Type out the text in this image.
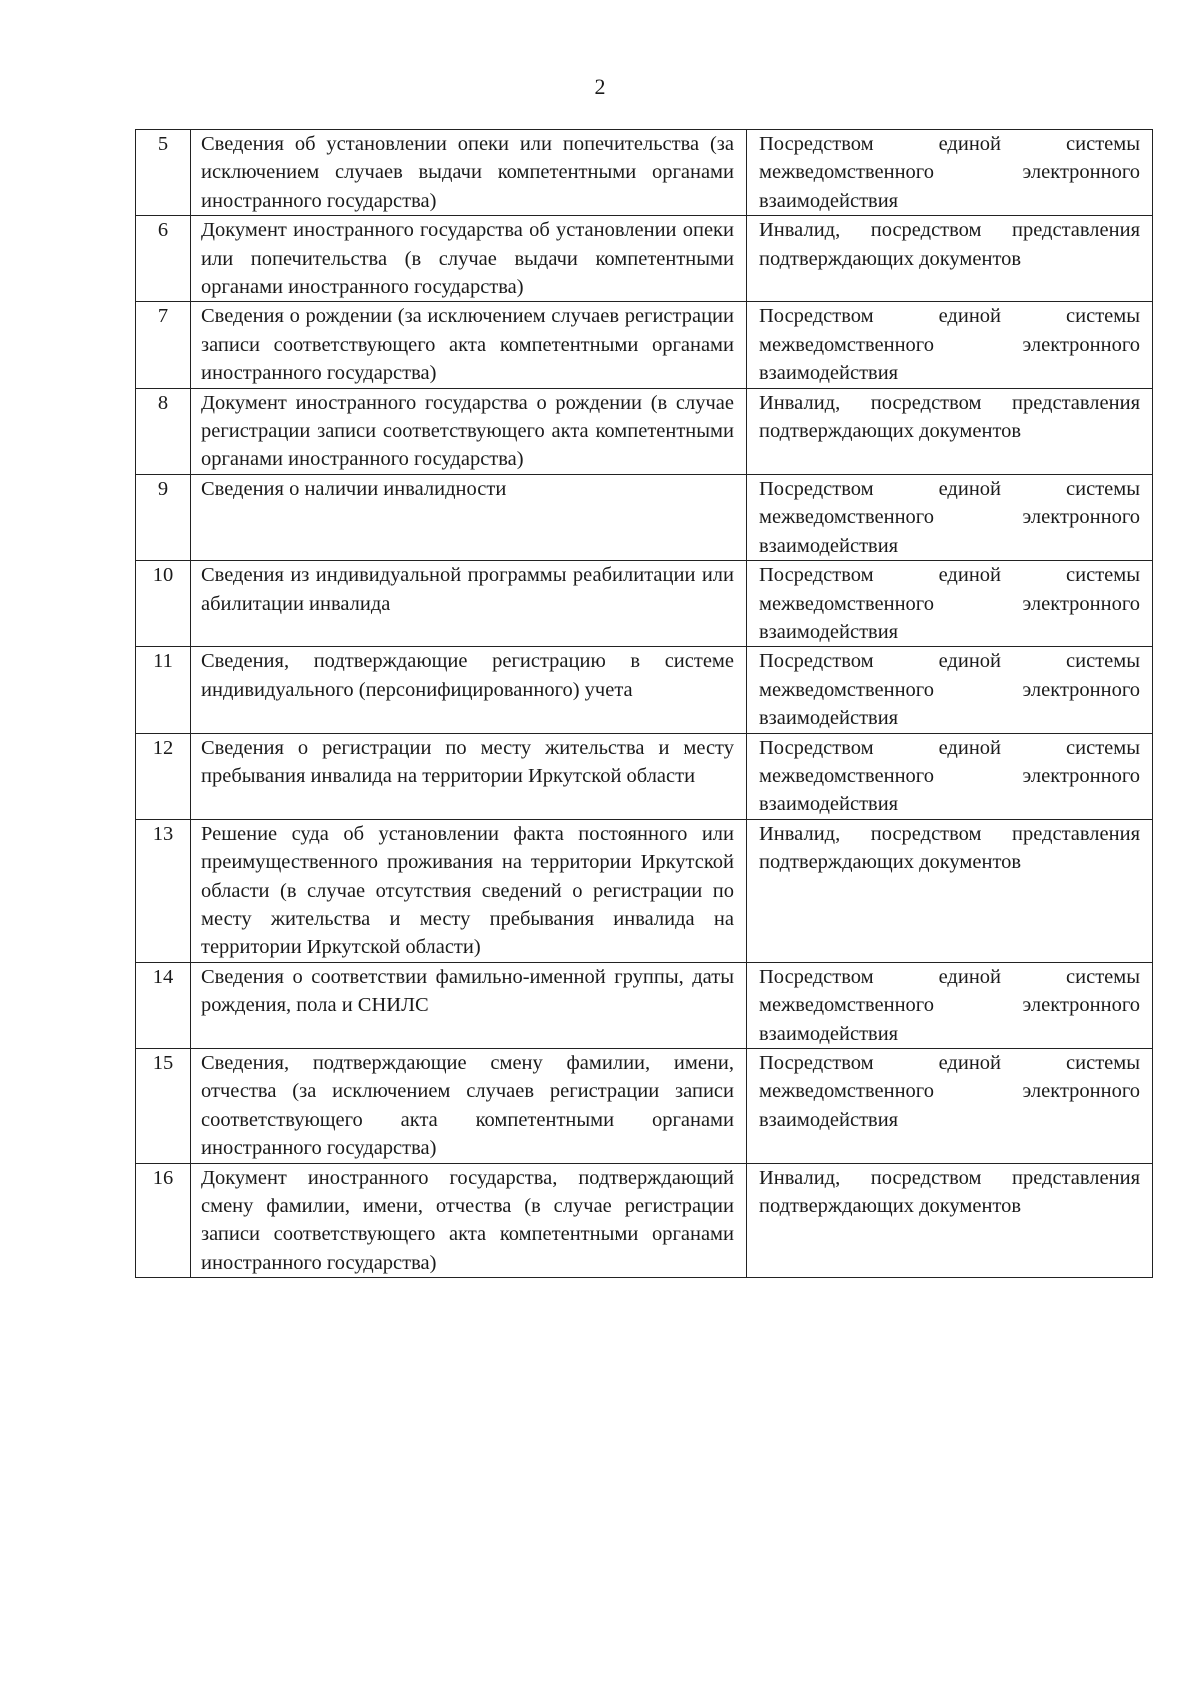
2
5	Сведения об установлении опеки или попечительства (за исключением случаев выдачи компетентными органами иностранного государства)	Посредством единой системы межведомственного электронного взаимодействия
6	Документ иностранного государства об установлении опеки или попечительства (в случае выдачи компетентными органами иностранного государства)	Инвалид, посредством представления подтверждающих документов
7	Сведения о рождении (за исключением случаев регистрации записи соответствующего акта компетентными органами иностранного государства)	Посредством единой системы межведомственного электронного взаимодействия
8	Документ иностранного государства о рождении (в случае регистрации записи соответствующего акта компетентными органами иностранного государства)	Инвалид, посредством представления подтверждающих документов
9	Сведения о наличии инвалидности	Посредством единой системы межведомственного электронного взаимодействия
10	Сведения из индивидуальной программы реабилитации или абилитации инвалида	Посредством единой системы межведомственного электронного взаимодействия
11	Сведения, подтверждающие регистрацию в системе индивидуального (персонифицированного) учета	Посредством единой системы межведомственного электронного взаимодействия
12	Сведения о регистрации по месту жительства и месту пребывания инвалида на территории Иркутской области	Посредством единой системы межведомственного электронного взаимодействия
13	Решение суда об установлении факта постоянного или преимущественного проживания на территории Иркутской области (в случае отсутствия сведений о регистрации по месту жительства и месту пребывания инвалида на территории Иркутской области)	Инвалид, посредством представления подтверждающих документов
14	Сведения о соответствии фамильно-именной группы, даты рождения, пола и СНИЛС	Посредством единой системы межведомственного электронного взаимодействия
15	Сведения, подтверждающие смену фамилии, имени, отчества (за исключением случаев регистрации записи соответствующего акта компетентными органами иностранного государства)	Посредством единой системы межведомственного электронного взаимодействия
16	Документ иностранного государства, подтверждающий смену фамилии, имени, отчества (в случае регистрации записи соответствующего акта компетентными органами иностранного государства)	Инвалид, посредством представления подтверждающих документов
